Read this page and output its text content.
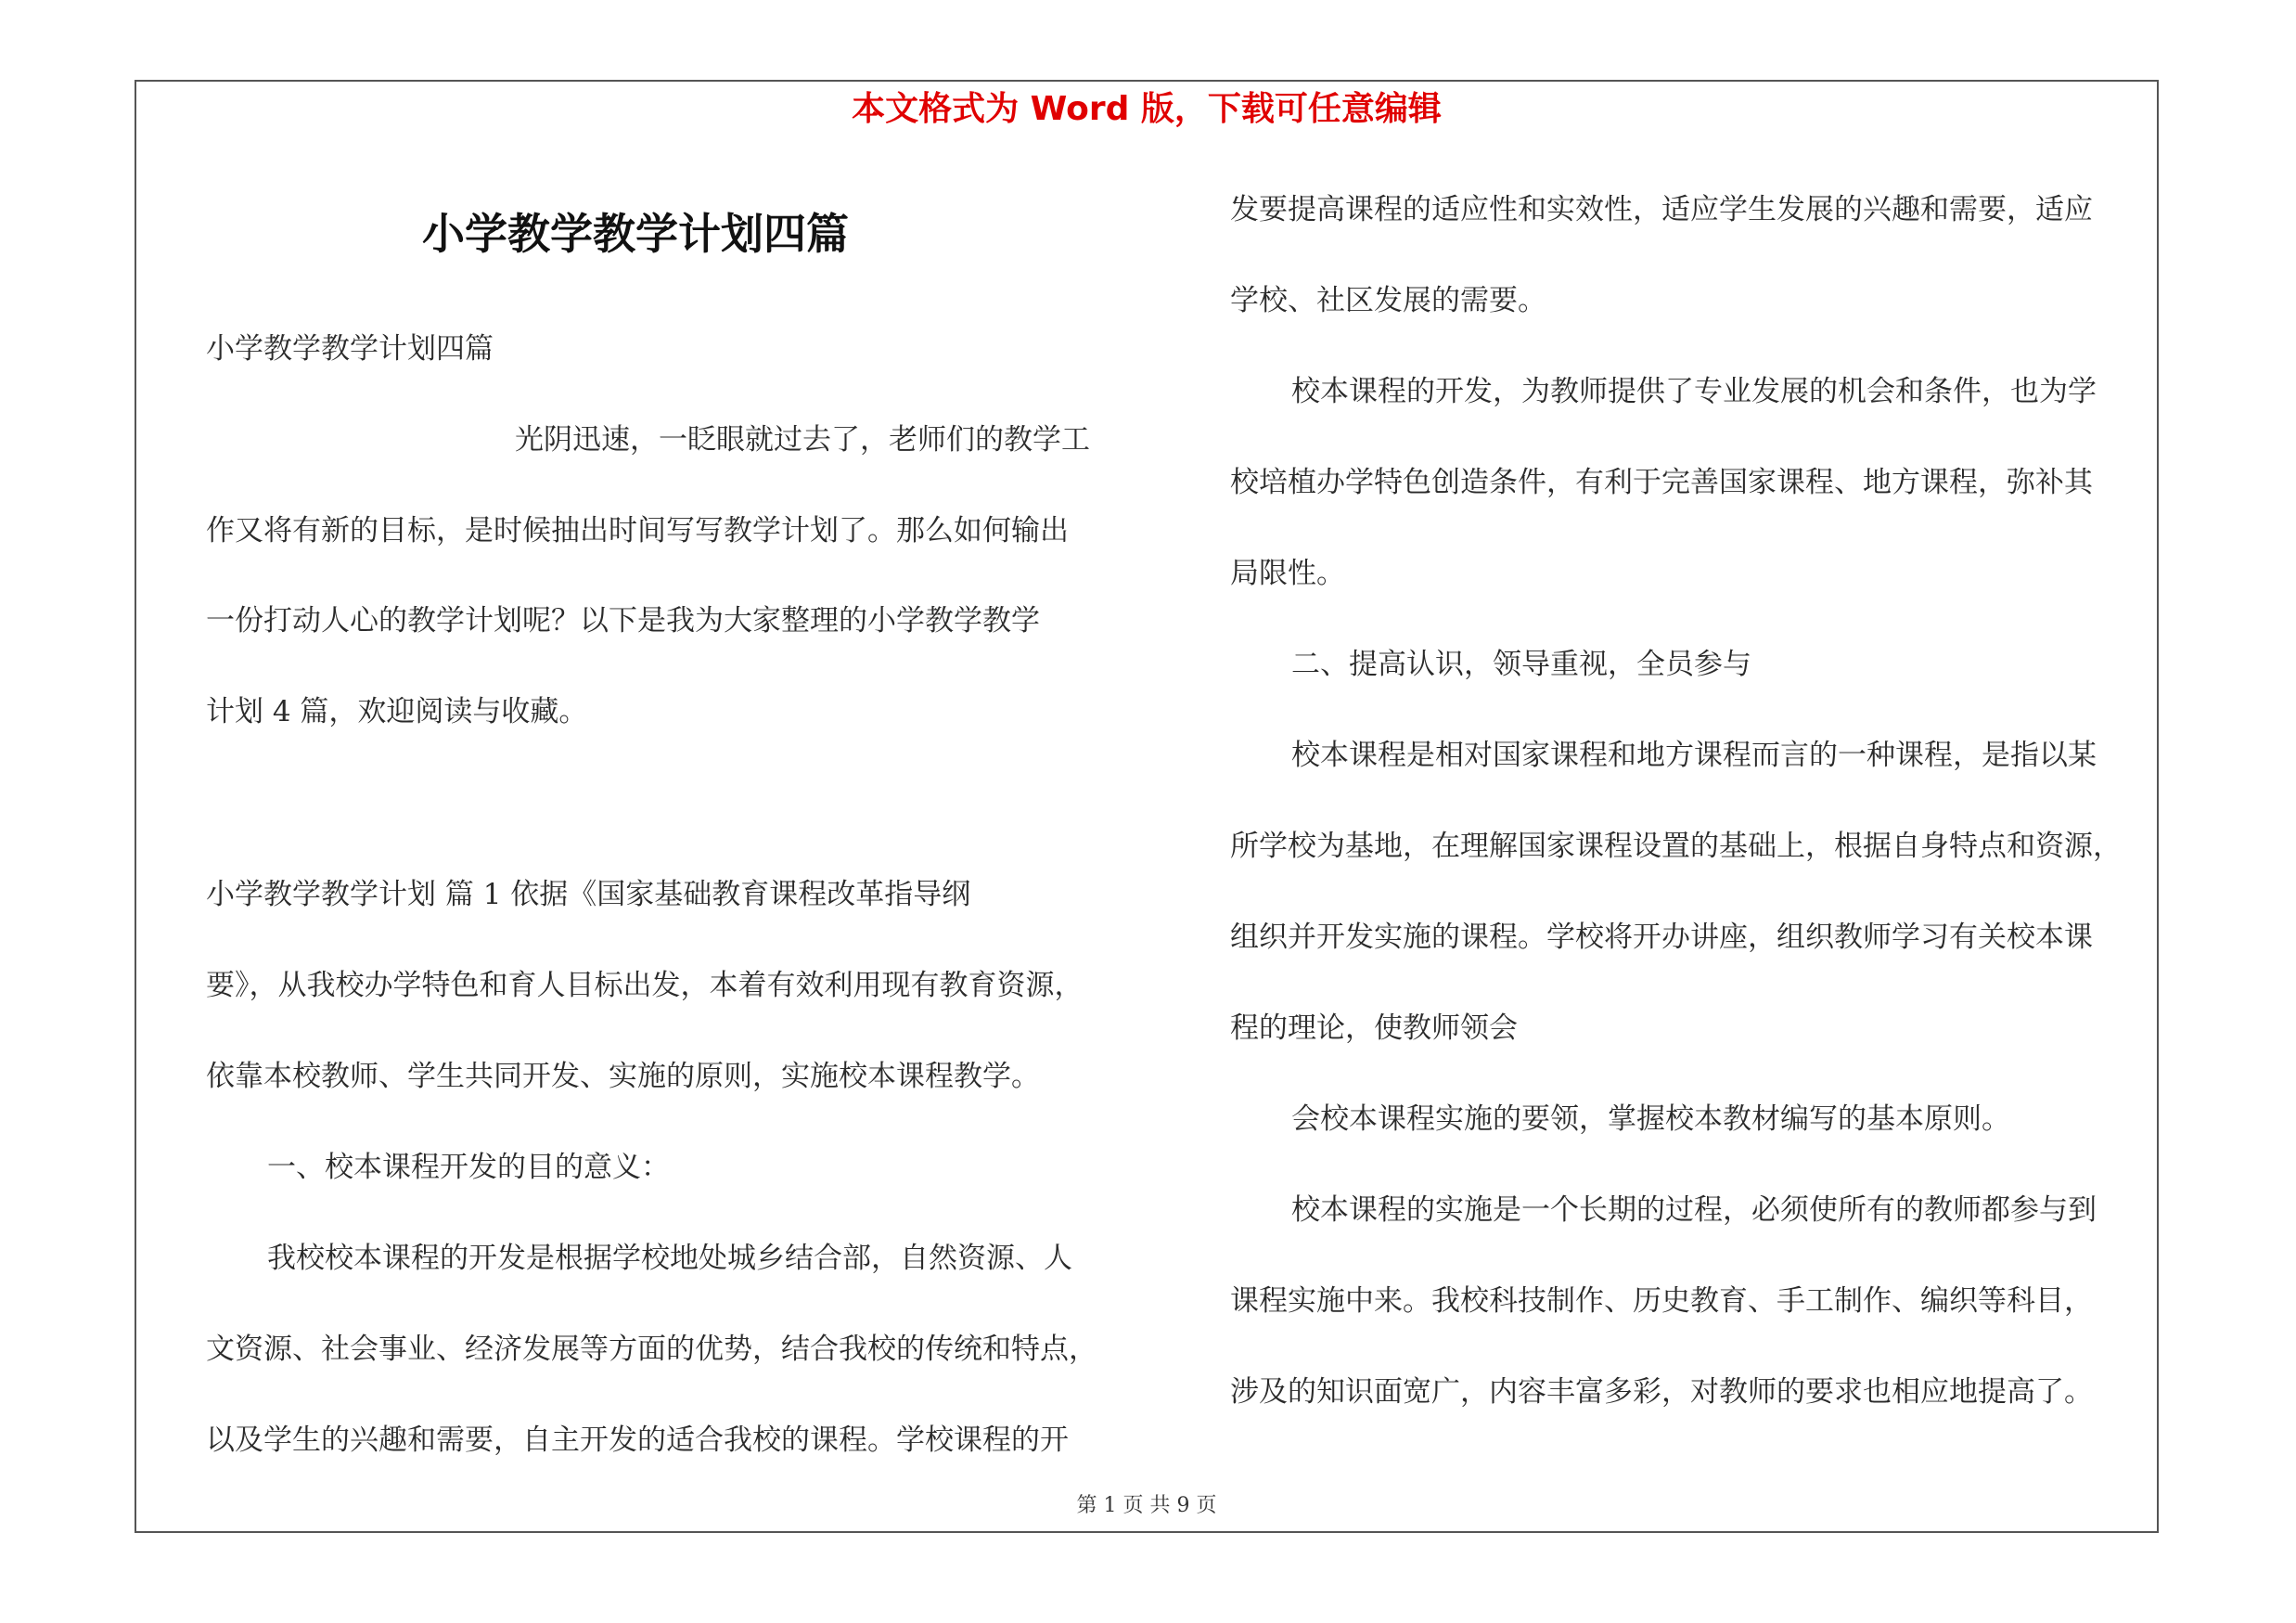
本文格式为 Word 版，下载可任意编辑
小学教学教学计划四篇
小学教学教学计划四篇
光阴迅速，一眨眼就过去了，老师们的教学工
作又将有新的目标，是时候抽出时间写写教学计划了。那么如何输出
一份打动人心的教学计划呢？以下是我为大家整理的小学教学教学
计划 4 篇，欢迎阅读与收藏。
小学教学教学计划 篇 1 依据《国家基础教育课程改革指导纲
要》，从我校办学特色和育人目标出发，本着有效利用现有教育资源，
依靠本校教师、学生共同开发、实施的原则，实施校本课程教学。
一、校本课程开发的目的意义：
我校校本课程的开发是根据学校地处城乡结合部，自然资源、人
文资源、社会事业、经济发展等方面的优势，结合我校的传统和特点，
以及学生的兴趣和需要，自主开发的适合我校的课程。学校课程的开
发要提高课程的适应性和实效性，适应学生发展的兴趣和需要，适应
学校、社区发展的需要。
校本课程的开发，为教师提供了专业发展的机会和条件，也为学
校培植办学特色创造条件，有利于完善国家课程、地方课程，弥补其
局限性。
二、提高认识，领导重视，全员参与
校本课程是相对国家课程和地方课程而言的一种课程，是指以某
所学校为基地，在理解国家课程设置的基础上，根据自身特点和资源，
组织并开发实施的课程。学校将开办讲座，组织教师学习有关校本课
程的理论，使教师领会
会校本课程实施的要领，掌握校本教材编写的基本原则。
校本课程的实施是一个长期的过程，必须使所有的教师都参与到
课程实施中来。我校科技制作、历史教育、手工制作、编织等科目，
涉及的知识面宽广，内容丰富多彩，对教师的要求也相应地提高了。
第 1 页 共 9 页
